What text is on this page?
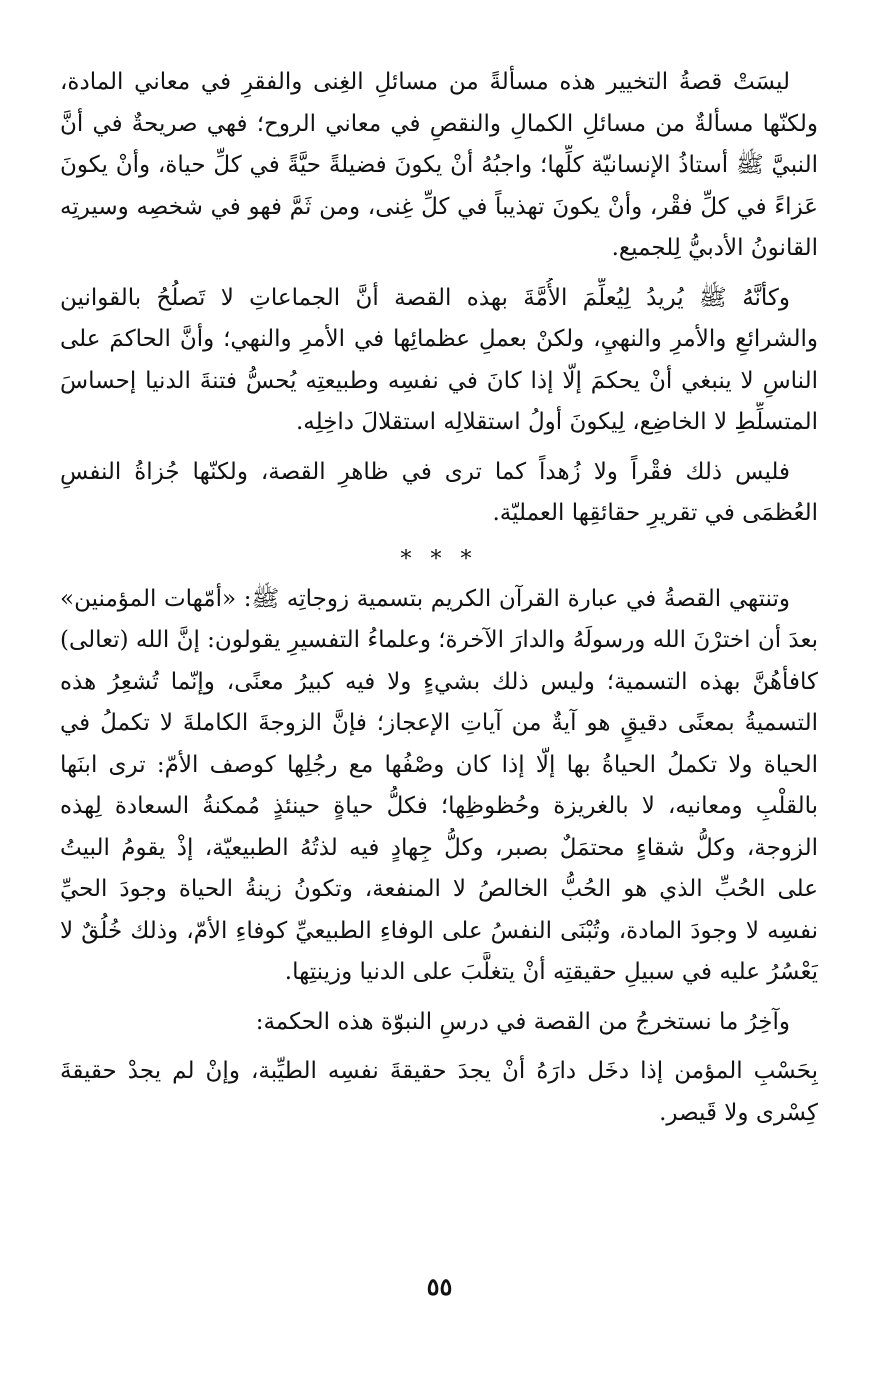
ليسَتْ قصةُ التخيير هذه مسألةً من مسائلِ الغِنى والفقرِ في معاني المادة،
ولكنّها مسألةٌ من مسائلِ الكمالِ والنقصِ في معاني الروح؛ فهي صريحةٌ في أنَّ
النبيَّ ﷺ أستاذُ الإنسانيّة كلِّها؛ واجبُهُ أنْ يكونَ فضيلةً حيَّةً في كلِّ حياة، وأنْ يكونَ
عَزاءً في كلِّ فقْر، وأنْ يكونَ تهذيباً في كلِّ غِنى، ومن ثَمَّ فهو في شخصِه وسيرتِه
القانونُ الأدبيُّ لِلجميع.
وكأنَّهُ ﷺ يُريدُ لِيُعلِّمَ الأُمَّةَ بهذه القصة أنَّ الجماعاتِ لا تَصلُحُ بالقوانين
والشرائعِ والأمرِ والنهيِ، ولكنْ بعملِ عظمائِها في الأمرِ والنهي؛ وأنَّ الحاكمَ على
الناسِ لا ينبغي أنْ يحكمَ إلّا إذا كانَ في نفسِه وطبيعتِه يُحسُّ فتنةَ الدنيا إحساسَ
المتسلِّطِ لا الخاضِع، لِيكونَ أولُ استقلالِه استقلالَ داخِلِه.
فليس ذلك فقْراً ولا زُهداً كما ترى في ظاهرِ القصة، ولكنّها جُزاةُ النفسِ
العُظمَى في تقريرِ حقائقِها العمليّة.
* * *
وتنتهي القصةُ في عبارة القرآن الكريم بتسمية زوجاتِه ﷺ: «أمّهات المؤمنين»
بعدَ أن اخترْنَ الله ورسولَهُ والدارَ الآخرة؛ وعلماءُ التفسيرِ يقولون: إنَّ الله (تعالى)
كافأهُنَّ بهذه التسمية؛ وليس ذلك بشيءٍ ولا فيه كبيرُ معنًى، وإنّما تُشعِرُ هذه
التسميةُ بمعنًى دقيقٍ هو آيةٌ من آياتِ الإعجاز؛ فإنَّ الزوجةَ الكاملةَ لا تكملُ في
الحياة ولا تكملُ الحياةُ بها إلّا إذا كان وصْفُها مع رجُلِها كوصف الأمّ: ترى ابنَها
بالقلْبِ ومعانيه، لا بالغريزة وحُظوظِها؛ فكلُّ حياةٍ حينئذٍ مُمكنةُ السعادة لِهذه
الزوجة، وكلُّ شقاءٍ محتمَلٌ بصبر، وكلُّ جِهادٍ فيه لذتُهُ الطبيعيّة، إذْ يقومُ البيتُ
على الحُبِّ الذي هو الحُبُّ الخالصُ لا المنفعة، وتكونُ زينةُ الحياة وجودَ الحيِّ
نفسِه لا وجودَ المادة، وتُبْنَى النفسُ على الوفاءِ الطبيعيِّ كوفاءِ الأمّ، وذلك خُلُقٌ لا
يَعْسُرُ عليه في سبيلِ حقيقتِه أنْ يتغلَّبَ على الدنيا وزينتِها.
وآخِرُ ما نستخرجُ من القصة في درسِ النبوّة هذه الحكمة:
بِحَسْبِ المؤمن إذا دخَل دارَهُ أنْ يجدَ حقيقةَ نفسِه الطيِّبة، وإنْ لم يجدْ حقيقةَ
كِسْرى ولا قَيصر.
٥٥
